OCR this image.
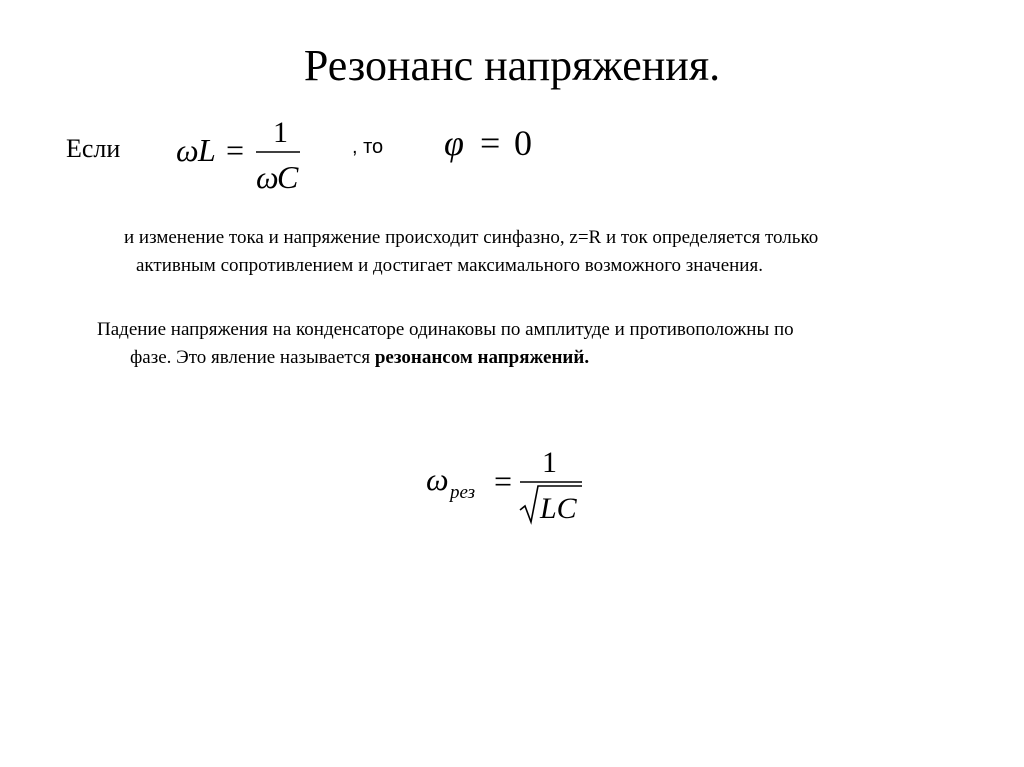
Резонанс напряжения.
Если ω L = 1
ω
C
, то φ = 0
и изменение тока и напряжение происходит синфазно, z=R и ток определяется только
активным сопротивлением и достигает максимального возможного значения.
Падение напряжения на конденсаторе одинаковы по амплитуде и противоположны по
фазе. Это явление называется резонансом напряжений.
ω рез =
1
LC
